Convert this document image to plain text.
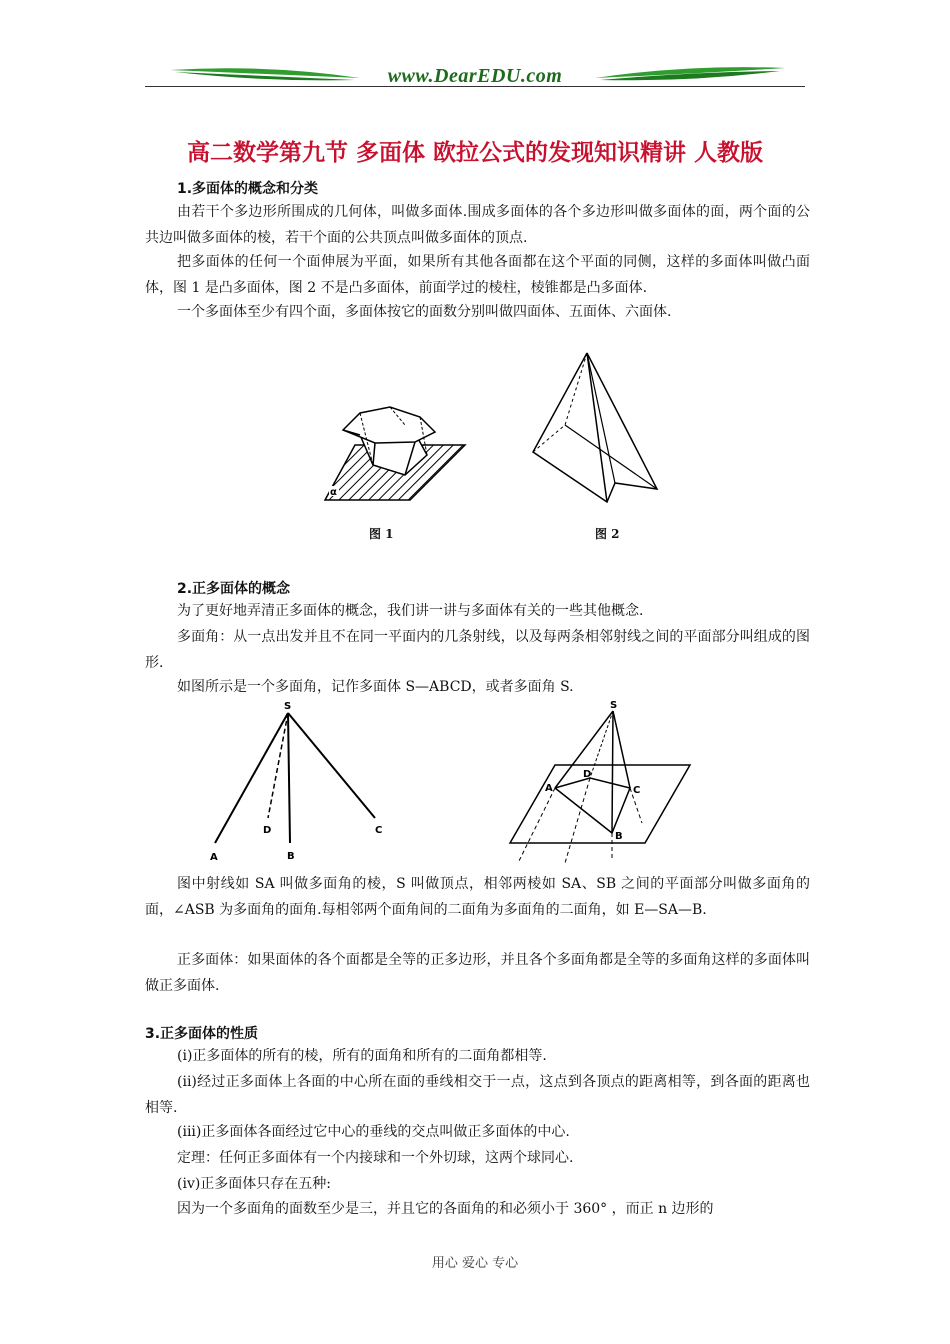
www.DearEDU.com
高二数学第九节 多面体 欧拉公式的发现知识精讲 人教版
1.多面体的概念和分类
由若干个多边形所围成的几何体，叫做多面体.围成多面体的各个多边形叫做多面体的面，两个面的公共边叫做多面体的棱，若干个面的公共顶点叫做多面体的顶点.
把多面体的任何一个面伸展为平面，如果所有其他各面都在这个平面的同侧，这样的多面体叫做凸面体，图 1 是凸多面体，图 2 不是凸多面体，前面学过的棱柱，棱锥都是凸多面体.
一个多面体至少有四个面，多面体按它的面数分别叫做四面体、五面体、六面体.
α
图 1	图 2
2.正多面体的概念
为了更好地弄清正多面体的概念，我们讲一讲与多面体有关的一些其他概念.
多面角：从一点出发并且不在同一平面内的几条射线，以及每两条相邻射线之间的平面部分叫组成的图形.
如图所示是一个多面角，记作多面体 S—ABCD，或者多面角 S.
S
A	B
C
D
S
A
B
C
D
图中射线如 SA 叫做多面角的棱，S 叫做顶点，相邻两棱如 SA、SB 之间的平面部分叫做多面角的面，∠ASB 为多面角的面角.每相邻两个面角间的二面角为多面角的二面角，如 E—SA—B.
正多面体：如果面体的各个面都是全等的正多边形，并且各个多面角都是全等的多面角这样的多面体叫做正多面体.
3.正多面体的性质
(i)正多面体的所有的棱，所有的面角和所有的二面角都相等.
(ii)经过正多面体上各面的中心所在面的垂线相交于一点，这点到各顶点的距离相等，到各面的距离也相等.
(iii)正多面体各面经过它中心的垂线的交点叫做正多面体的中心.
定理：任何正多面体有一个内接球和一个外切球，这两个球同心.
(iv)正多面体只存在五种:
因为一个多面角的面数至少是三，并且它的各面角的和必须小于 360° ，而正 n 边形的
用心 爱心 专心
